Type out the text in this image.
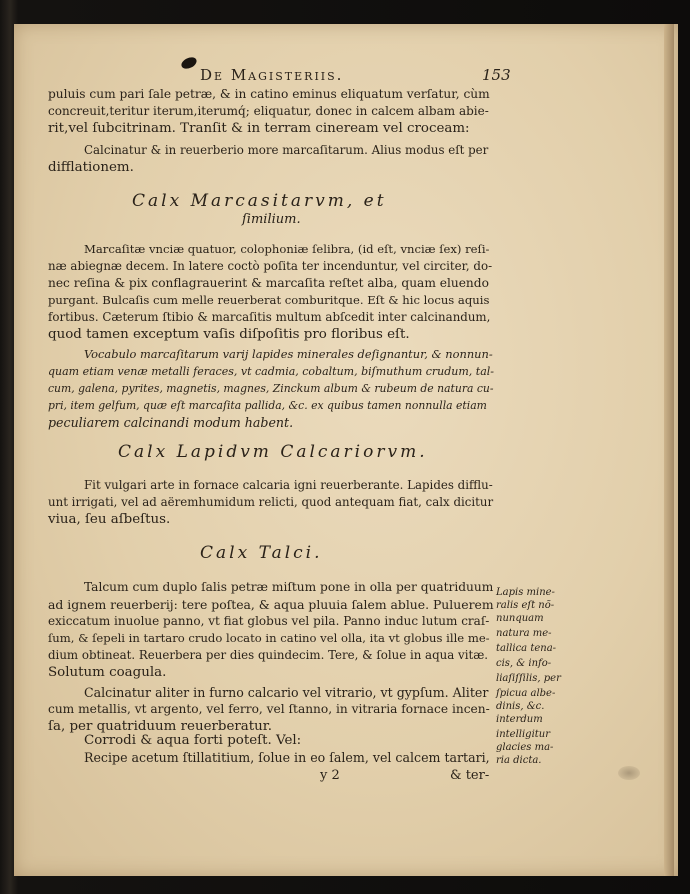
De Magisteriis.	153
puluis cum pari ſale petræ, & in catino eminus eliquatum verſatur, cùm
concreuit,teritur iterum,iterumq́; eliquatur, donec in calcem albam abie-
rit,vel ſubcitrinam. Tranſit & in terram cineream vel croceam:
Calcinatur & in reuerberio more marcaſitarum. Alius modus eſt per
difflationem.
Calx Marcasitarvm, et
ſimilium.
Marcaſitæ vnciæ quatuor, colophoniæ ſelibra, (id eſt, vnciæ ſex) reſi-
næ abiegnæ decem. In latere coctò poſita ter incenduntur, vel circiter, do-
nec reſina & pix conflagrauerint & marcaſita reſtet alba, quam eluendo
purgant. Bulcaſis cum melle reuerberat comburitque. Eſt & hic locus aquis
fortibus. Cæterum ſtibio & marcaſitis multum abſcedit inter calcinandum,
quod tamen exceptum vaſis diſpoſitis pro floribus eſt.
Vocabulo marcaſitarum varij lapides minerales deſignantur, & nonnun-
quam etiam venæ metalli feraces, vt cadmia, cobaltum, biſmuthum crudum, tal-
cum, galena, pyrites, magnetis, magnes, Zinckum album & rubeum de natura cu-
pri, item gelfum, quæ eſt marcaſita pallida, &c. ex quibus tamen nonnulla etiam
peculiarem calcinandi modum habent.
Calx Lapidvm Calcariorvm.
Fit vulgari arte in fornace calcaria igni reuerberante. Lapides difflu-
unt irrigati, vel ad aëremhumidum relicti, quod antequam fiat, calx dicitur
viua, ſeu aſbeſtus.
Calx Talci.
Talcum cum duplo ſalis petræ miſtum pone in olla per quatriduum
ad ignem reuerberij: tere poſtea, & aqua pluuia ſalem ablue. Puluerem
exiccatum inuolue panno, vt fiat globus vel pila. Panno induc lutum craſ-
ſum, & ſepeli in tartaro crudo locato in catino vel olla, ita vt globus ille me-
dium obtineat. Reuerbera per dies quindecim. Tere, & ſolue in aqua vitæ.
Solutum coagula.
Calcinatur aliter in furno calcario vel vitrario, vt gypſum. Aliter
cum metallis, vt argento, vel ferro, vel ſtanno, in vitraria fornace incen-
ſa, per quatriduum reuerberatur.
Corrodi & aqua forti poteſt. Vel:
Recipe acetum ſtillatitium, ſolue in eo ſalem, vel calcem tartari,
Lapis mine-
ralis eſt nõ-
nunquam
natura me-
tallica tena-
cis, & info-
liaſiſſilis, per
ſpicua albe-
dinis, &c.
interdum
intelligitur
glacies ma-
ria dicta.
y 2	& ter-
